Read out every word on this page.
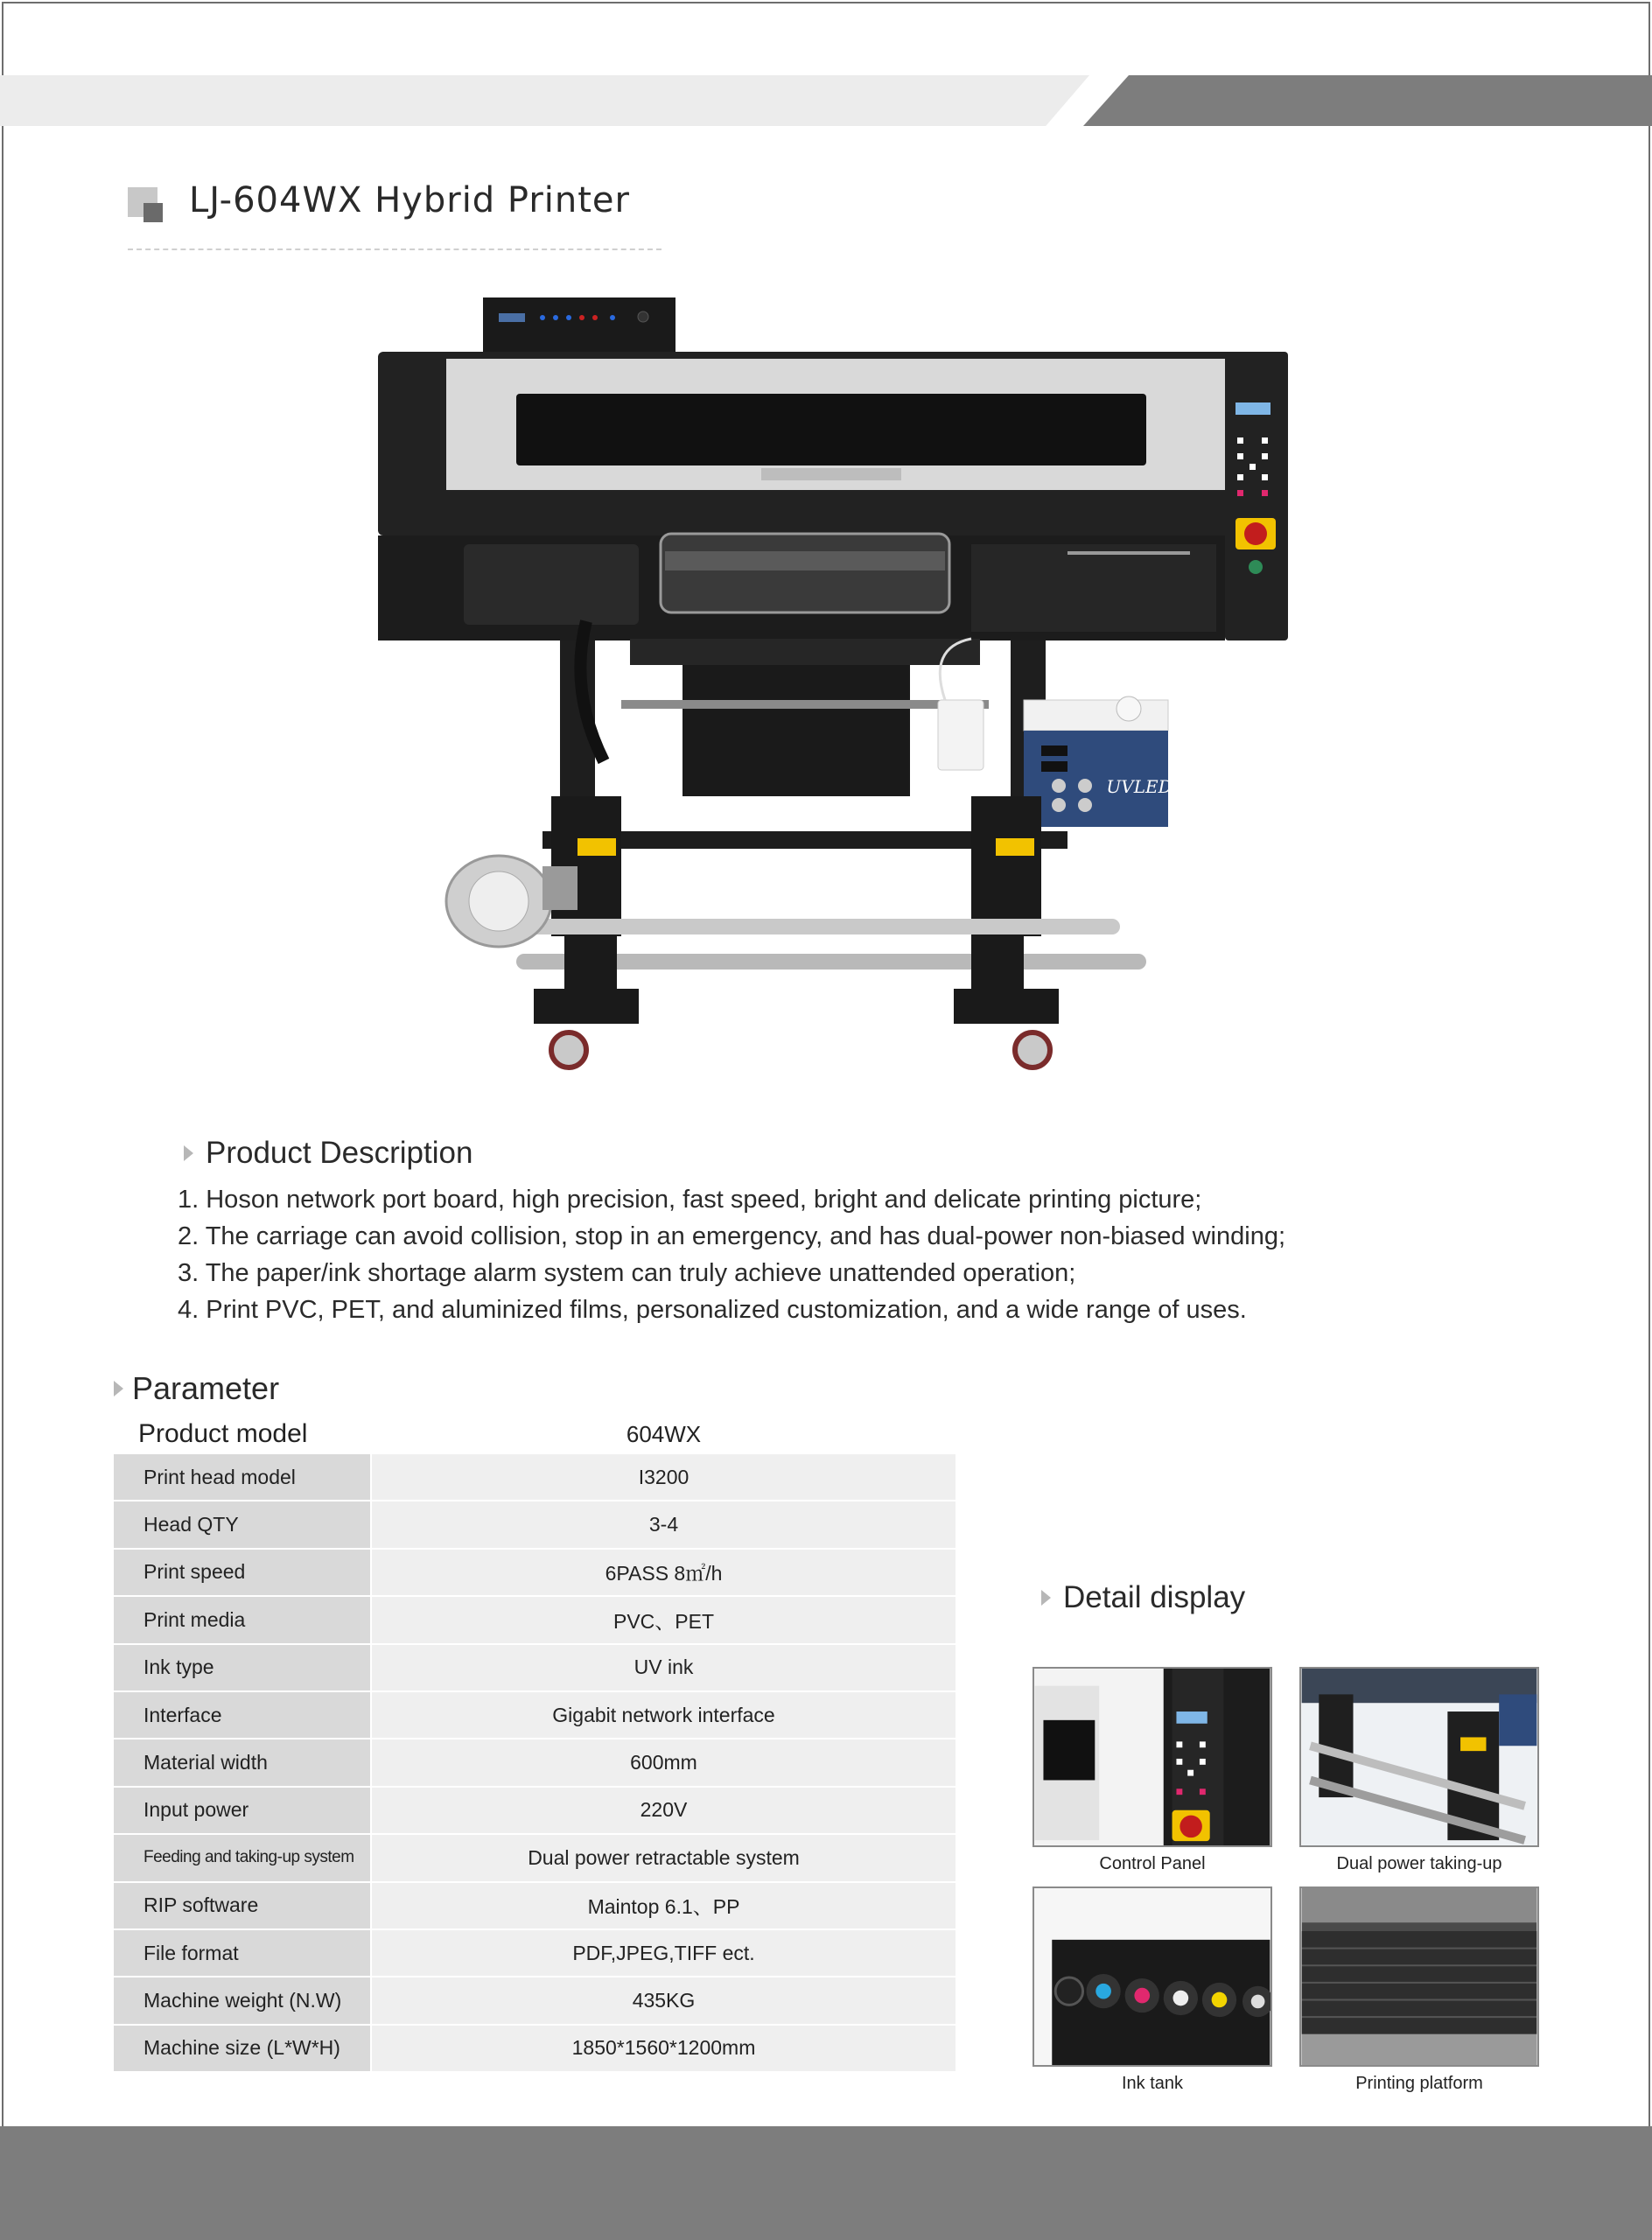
LJ-604WX Hybrid Printer
UVLED
Product Description
1. Hoson network port board, high precision, fast speed, bright and delicate printing picture;
2. The carriage can avoid collision, stop in an emergency, and has dual-power non-biased winding;
3. The paper/ink shortage alarm system can truly achieve unattended operation;
4. Print PVC, PET, and aluminized films, personalized customization, and a wide range of uses.
Parameter
Product model	604WX
Print head model	I3200
Head QTY	3-4
Print speed	6PASS 8㎡/h
Print media	PVC、PET
Ink type	UV ink
Interface	Gigabit network interface
Material width	600mm
Input power	220V
Feeding and taking-up system	Dual power retractable system
RIP software	Maintop 6.1、PP
File format	PDF,JPEG,TIFF ect.
Machine weight (N.W)	435KG
Machine size (L*W*H)	1850*1560*1200mm
Detail display
Control Panel	Dual power taking-up
Ink tank	Printing platform
